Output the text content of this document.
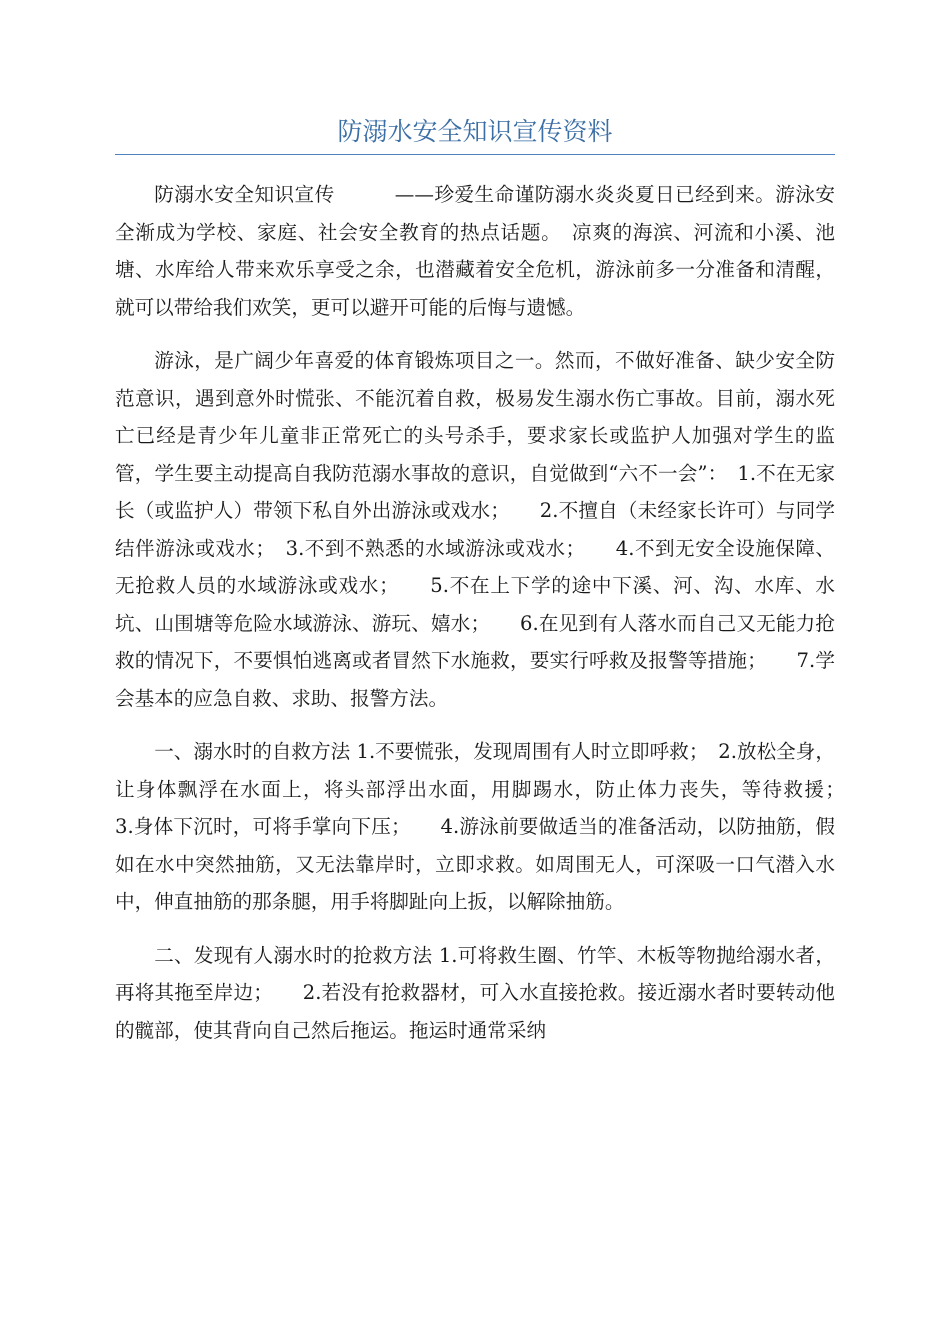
防溺水安全知识宣传资料

防溺水安全知识宣传　　　——珍爱生命谨防溺水炎炎夏日已经到来。游泳安全渐成为学校、家庭、社会安全教育的热点话题。　凉爽的海滨、河流和小溪、池塘、水库给人带来欢乐享受之余，也潜藏着安全危机，游泳前多一分准备和清醒，就可以带给我们欢笑，更可以避开可能的后悔与遗憾。

游泳，是广阔少年喜爱的体育锻炼项目之一。然而，不做好准备、缺少安全防范意识，遇到意外时慌张、不能沉着自救，极易发生溺水伤亡事故。目前，溺水死亡已经是青少年儿童非正常死亡的头号杀手，要求家长或监护人加强对学生的监管，学生要主动提高自我防范溺水事故的意识，自觉做到“六不一会”：　1.不在无家长（或监护人）带领下私自外出游泳或戏水；　　2.不擅自（未经家长许可）与同学结伴游泳或戏水；　3.不到不熟悉的水域游泳或戏水；　　4.不到无安全设施保障、无抢救人员的水域游泳或戏水；　　5.不在上下学的途中下溪、河、沟、水库、水坑、山围塘等危险水域游泳、游玩、嬉水；　　6.在见到有人落水而自己又无能力抢救的情况下，不要惧怕逃离或者冒然下水施救，要实行呼救及报警等措施；　　7.学会基本的应急自救、求助、报警方法。

一、溺水时的自救方法 1.不要慌张，发现周围有人时立即呼救；　2.放松全身，让身体飘浮在水面上，将头部浮出水面，用脚踢水，防止体力丧失，等待救援；　　3.身体下沉时，可将手掌向下压；　　4.游泳前要做适当的准备活动，以防抽筋，假如在水中突然抽筋，又无法靠岸时，立即求救。如周围无人，可深吸一口气潜入水中，伸直抽筋的那条腿，用手将脚趾向上扳，以解除抽筋。

二、发现有人溺水时的抢救方法 1.可将救生圈、竹竿、木板等物抛给溺水者，再将其拖至岸边；　　2.若没有抢救器材，可入水直接抢救。接近溺水者时要转动他的髋部，使其背向自己然后拖运。拖运时通常采纳
